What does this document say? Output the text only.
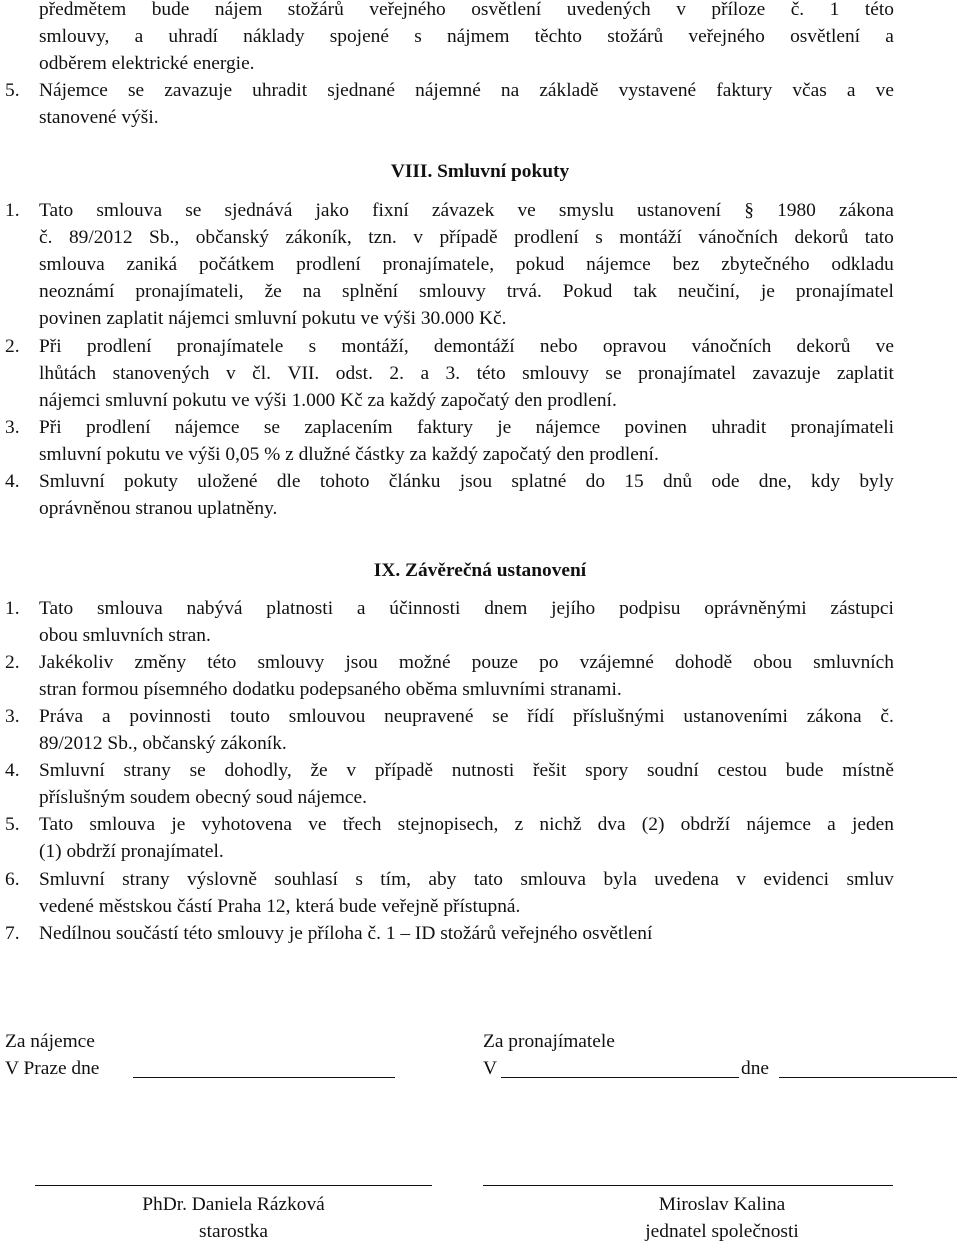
předmětem bude nájem stožárů veřejného osvětlení uvedených v příloze č. 1 této
smlouvy, a uhradí náklady spojené s nájmem těchto stožárů veřejného osvětlení a
odběrem elektrické energie.
5. Nájemce se zavazuje uhradit sjednané nájemné na základě vystavené faktury včas a ve
stanovené výši.
VIII. Smluvní pokuty
1. Tato smlouva se sjednává jako fixní závazek ve smyslu ustanovení § 1980 zákona
č. 89/2012 Sb., občanský zákoník, tzn. v případě prodlení s montáží vánočních dekorů tato
smlouva zaniká počátkem prodlení pronajímatele, pokud nájemce bez zbytečného odkladu
neoznámí pronajímateli, že na splnění smlouvy trvá. Pokud tak neučiní, je pronajímatel
povinen zaplatit nájemci smluvní pokutu ve výši 30.000 Kč.
2. Při prodlení pronajímatele s montáží, demontáží nebo opravou vánočních dekorů ve
lhůtách stanovených v čl. VII. odst. 2. a 3. této smlouvy se pronajímatel zavazuje zaplatit
nájemci smluvní pokutu ve výši 1.000 Kč za každý započatý den prodlení.
3. Při prodlení nájemce se zaplacením faktury je nájemce povinen uhradit pronajímateli
smluvní pokutu ve výši 0,05 % z dlužné částky za každý započatý den prodlení.
4. Smluvní pokuty uložené dle tohoto článku jsou splatné do 15 dnů ode dne, kdy byly
oprávněnou stranou uplatněny.
IX. Závěrečná ustanovení
1. Tato smlouva nabývá platnosti a účinnosti dnem jejího podpisu oprávněnými zástupci
obou smluvních stran.
2. Jakékoliv změny této smlouvy jsou možné pouze po vzájemné dohodě obou smluvních
stran formou písemného dodatku podepsaného oběma smluvními stranami.
3. Práva a povinnosti touto smlouvou neupravené se řídí příslušnými ustanoveními zákona č.
89/2012 Sb., občanský zákoník.
4. Smluvní strany se dohodly, že v případě nutnosti řešit spory soudní cestou bude místně
příslušným soudem obecný soud nájemce.
5. Tato smlouva je vyhotovena ve třech stejnopisech, z nichž dva (2) obdrží nájemce a jeden
(1) obdrží pronajímatel.
6. Smluvní strany výslovně souhlasí s tím, aby tato smlouva byla uvedena v evidenci smluv
vedené městskou částí Praha 12, která bude veřejně přístupná.
7. Nedílnou součástí této smlouvy je příloha č. 1 – ID stožárů veřejného osvětlení
Za nájemce
V Praze dne
Za pronajímatele
V	dne
PhDr. Daniela Rázková
starostka
Miroslav Kalina
jednatel společnosti
